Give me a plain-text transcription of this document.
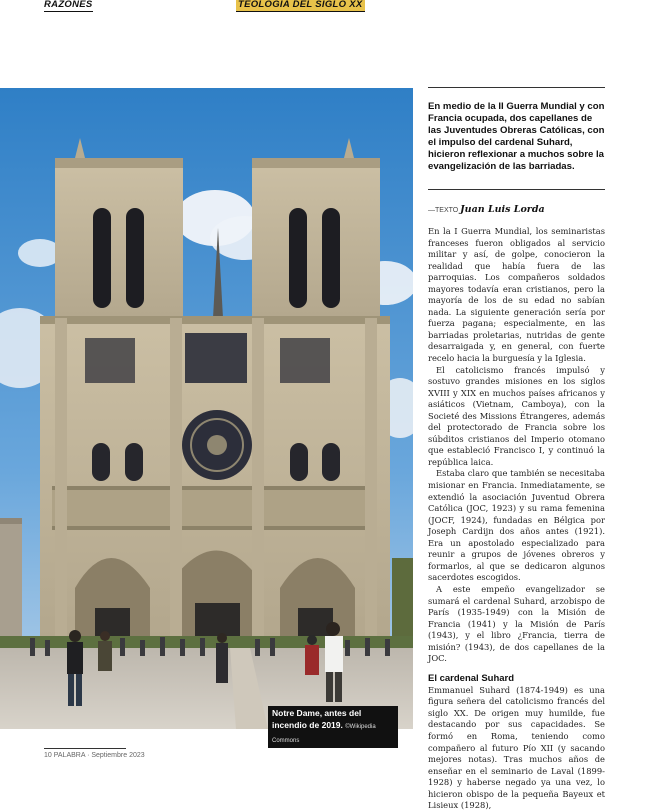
RAZONES	TEOLOGÍA DEL SIGLO XX
Notre Dame, antes del
incendio de 2019. ©Wikipedia Commons
En medio de la II Guerra Mundial y con Francia ocupada, dos capellanes de las Juventudes Obreras Católicas, con el impulso del cardenal Suhard, hicieron reflexionar a muchos sobre la evangelización de las barriadas.
—TEXTO Juan Luis Lorda

En la I Guerra Mundial, los seminaristas franceses fueron obligados al servicio militar y así, de golpe, conocieron la realidad que había fuera de las parroquias. Los compañeros soldados mayores todavía eran cristianos, pero la mayoría de los de su edad no sabían nada. La siguiente generación sería por fuerza pagana; especialmente, en las barriadas proletarias, nutridas de gente desarraigada y, en general, con fuerte recelo hacia la burguesía y la Iglesia.

El catolicismo francés impulsó y sostuvo grandes misiones en los siglos XVIII y XIX en muchos países africanos y asiáticos (Vietnam, Camboya), con la Societé des Missions Étrangeres, además del protectorado de Francia sobre los súbditos cristianos del Imperio otomano que estableció Francisco I, y continuó la república laica.

Estaba claro que también se necesitaba misionar en Francia. Inmediatamente, se extendió la asociación Juventud Obrera Católica (JOC, 1923) y su rama femenina (JOCF, 1924), fundadas en Bélgica por Joseph Cardijn dos años antes (1921). Era un apostolado especializado para reunir a grupos de jóvenes obreros y formarlos, al que se dedicaron algunos sacerdotes escogidos.

A este empeño evangelizador se sumará el cardenal Suhard, arzobispo de París (1935-1949) con la Misión de Francia (1941) y la Misión de París (1943), y el libro ¿Francia, tierra de misión? (1943), de dos capellanes de la JOC.

El cardenal Suhard

Emmanuel Suhard (1874-1949) es una figura señera del catolicismo francés del siglo XX. De origen muy humilde, fue destacando por sus capacidades. Se formó en Roma, teniendo como compañero al futuro Pío XII (y sacando mejores notas). Tras muchos años de enseñar en el seminario de Laval (1899-1928) y haberse negado ya una vez, lo hicieron obispo de la pequeña Bayeux et Lisieux (1928),

10 PALABRA · Septiembre 2023
